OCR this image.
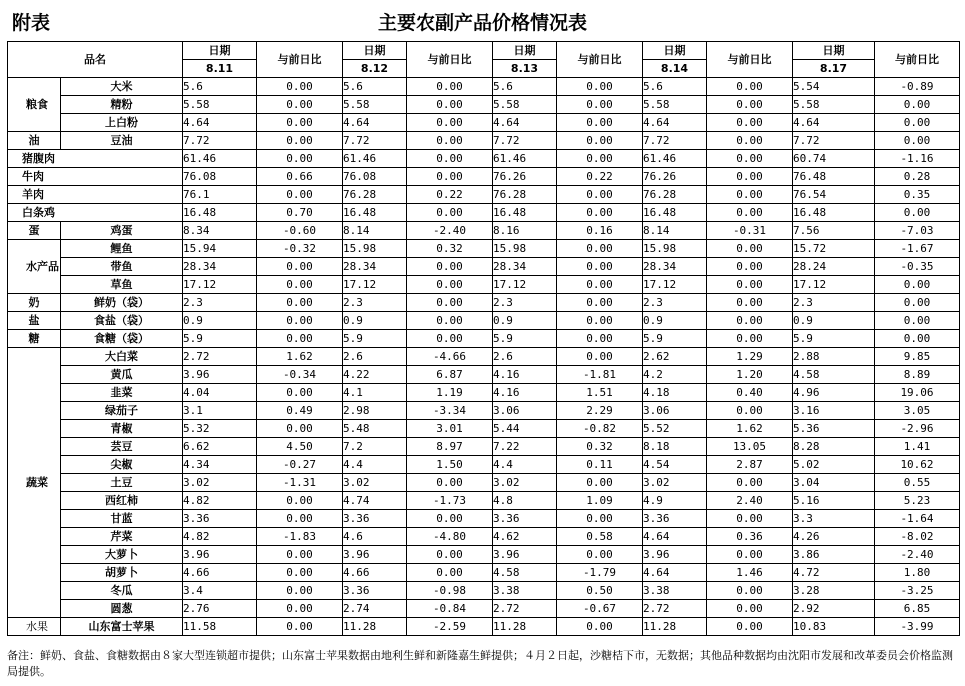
附表	主要农副产品价格情况表
品名		日期	与前日比	日期	与前日比	日期	与前日比	日期	与前日比	日期	与前日比
		8.11		8.12		8.13		8.14		8.17	
粮食	大米	5.6	0.00	5.6	0.00	5.6	0.00	5.6	0.00	5.54	-0.89
	精粉	5.58	0.00	5.58	0.00	5.58	0.00	5.58	0.00	5.58	0.00
	上白粉	4.64	0.00	4.64	0.00	4.64	0.00	4.64	0.00	4.64	0.00
油	豆油	7.72	0.00	7.72	0.00	7.72	0.00	7.72	0.00	7.72	0.00
猪腹肉		61.46	0.00	61.46	0.00	61.46	0.00	61.46	0.00	60.74	-1.16
牛肉		76.08	0.66	76.08	0.00	76.26	0.22	76.26	0.00	76.48	0.28
羊肉		76.1	0.00	76.28	0.22	76.28	0.00	76.28	0.00	76.54	0.35
白条鸡		16.48	0.70	16.48	0.00	16.48	0.00	16.48	0.00	16.48	0.00
蛋	鸡蛋	8.34	-0.60	8.14	-2.40	8.16	0.16	8.14	-0.31	7.56	-7.03
水产品	鲤鱼	15.94	-0.32	15.98	0.32	15.98	0.00	15.98	0.00	15.72	-1.67
	带鱼	28.34	0.00	28.34	0.00	28.34	0.00	28.34	0.00	28.24	-0.35
	草鱼	17.12	0.00	17.12	0.00	17.12	0.00	17.12	0.00	17.12	0.00
奶	鲜奶（袋）	2.3	0.00	2.3	0.00	2.3	0.00	2.3	0.00	2.3	0.00
盐	食盐（袋）	0.9	0.00	0.9	0.00	0.9	0.00	0.9	0.00	0.9	0.00
糖	食糖（袋）	5.9	0.00	5.9	0.00	5.9	0.00	5.9	0.00	5.9	0.00
蔬菜	大白菜	2.72	1.62	2.6	-4.66	2.6	0.00	2.62	1.29	2.88	9.85
	黄瓜	3.96	-0.34	4.22	6.87	4.16	-1.81	4.2	1.20	4.58	8.89
	韭菜	4.04	0.00	4.1	1.19	4.16	1.51	4.18	0.40	4.96	19.06
	绿茄子	3.1	0.49	2.98	-3.34	3.06	2.29	3.06	0.00	3.16	3.05
	青椒	5.32	0.00	5.48	3.01	5.44	-0.82	5.52	1.62	5.36	-2.96
	芸豆	6.62	4.50	7.2	8.97	7.22	0.32	8.18	13.05	8.28	1.41
	尖椒	4.34	-0.27	4.4	1.50	4.4	0.11	4.54	2.87	5.02	10.62
	土豆	3.02	-1.31	3.02	0.00	3.02	0.00	3.02	0.00	3.04	0.55
	西红柿	4.82	0.00	4.74	-1.73	4.8	1.09	4.9	2.40	5.16	5.23
	甘蓝	3.36	0.00	3.36	0.00	3.36	0.00	3.36	0.00	3.3	-1.64
	芹菜	4.82	-1.83	4.6	-4.80	4.62	0.58	4.64	0.36	4.26	-8.02
	大萝卜	3.96	0.00	3.96	0.00	3.96	0.00	3.96	0.00	3.86	-2.40
	胡萝卜	4.66	0.00	4.66	0.00	4.58	-1.79	4.64	1.46	4.72	1.80
	冬瓜	3.4	0.00	3.36	-0.98	3.38	0.50	3.38	0.00	3.28	-3.25
	圆葱	2.76	0.00	2.74	-0.84	2.72	-0.67	2.72	0.00	2.92	6.85
水果	山东富士苹果	11.58	0.00	11.28	-2.59	11.28	0.00	11.28	0.00	10.83	-3.99
备注：鲜奶、食盐、食糖数据由８家大型连锁超市提供；山东富士苹果数据由地利生鲜和新隆嘉生鲜提供；４月２日起，沙糖桔下市，无数据；其他品种数据均由沈阳市发展和改革委员会价格监测局提供。
